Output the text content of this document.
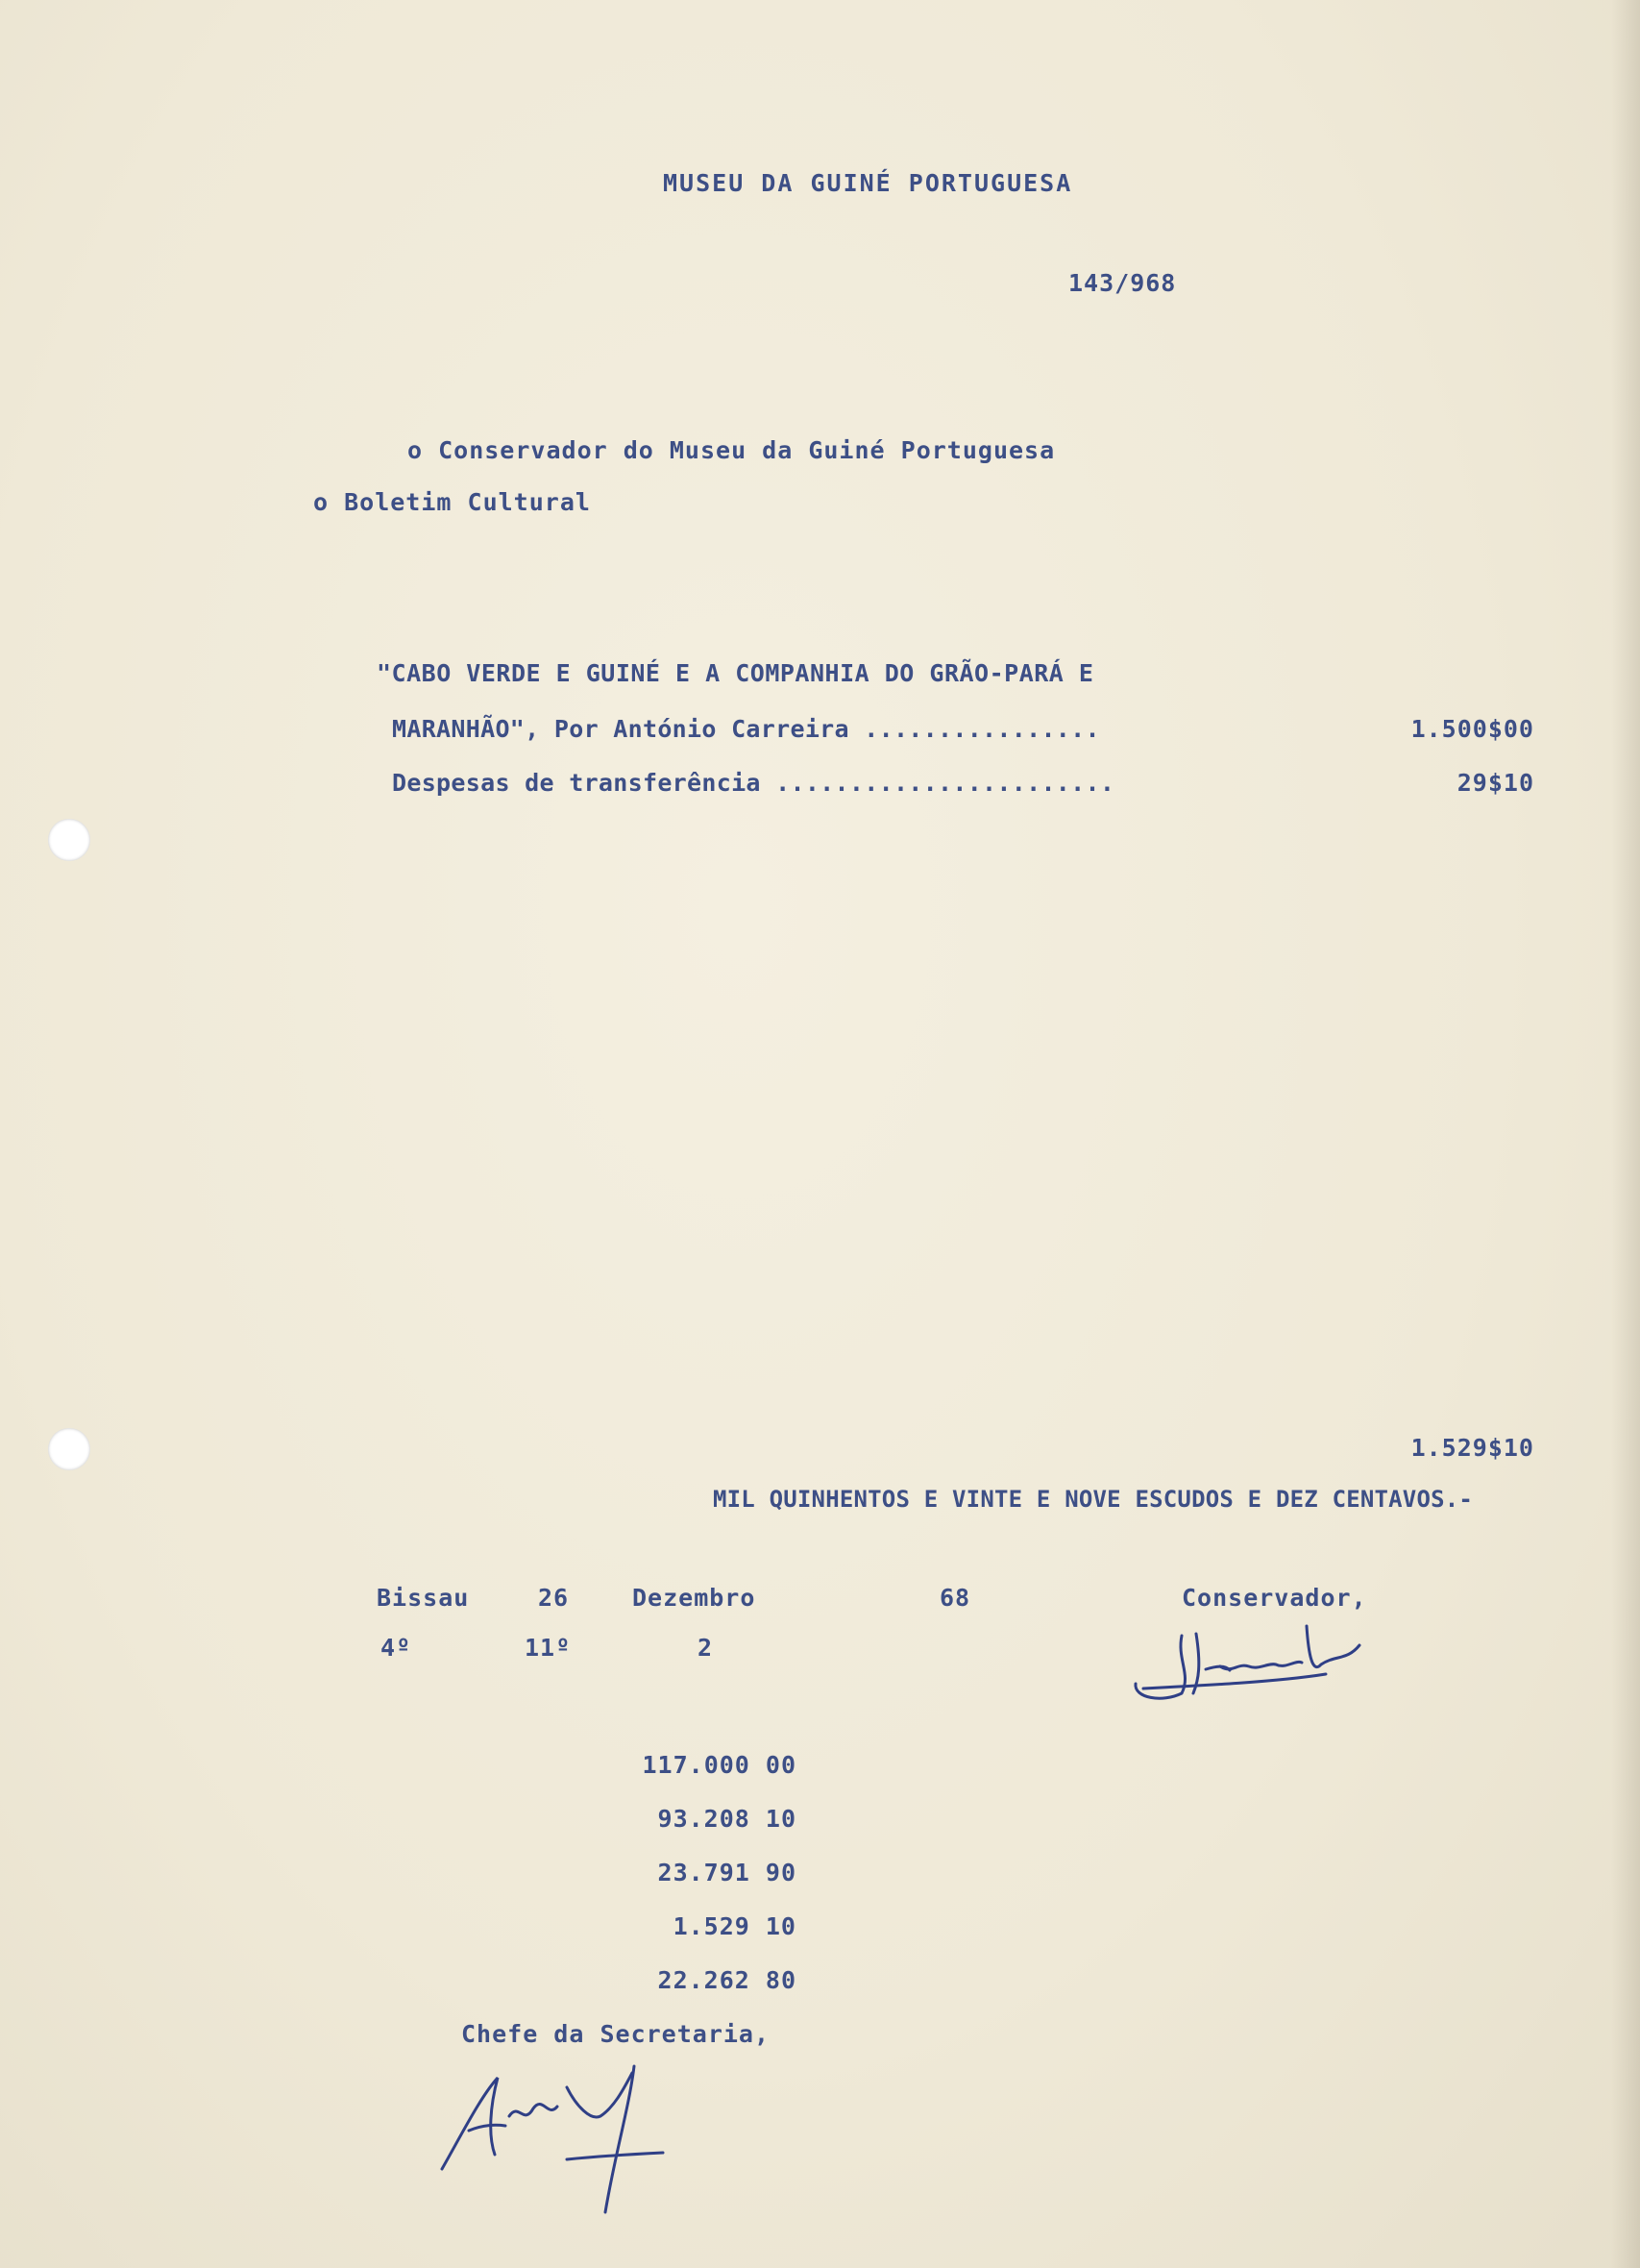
MUSEU DA GUINÉ PORTUGUESA
143/968
o Conservador do Museu da Guiné Portuguesa
o Boletim Cultural
"CABO VERDE E GUINÉ E A COMPANHIA DO GRÃO-PARÁ E
MARANHÃO", Por António Carreira ................	1.500$00
Despesas de transferência .......................	29$10
1.529$10
MIL QUINHENTOS E VINTE E NOVE ESCUDOS E DEZ CENTAVOS.-
Bissau	26	Dezembro	68	Conservador,
4º	11º	2
117.000 00
93.208 10
23.791 90
1.529 10
22.262 80
Chefe da Secretaria,
